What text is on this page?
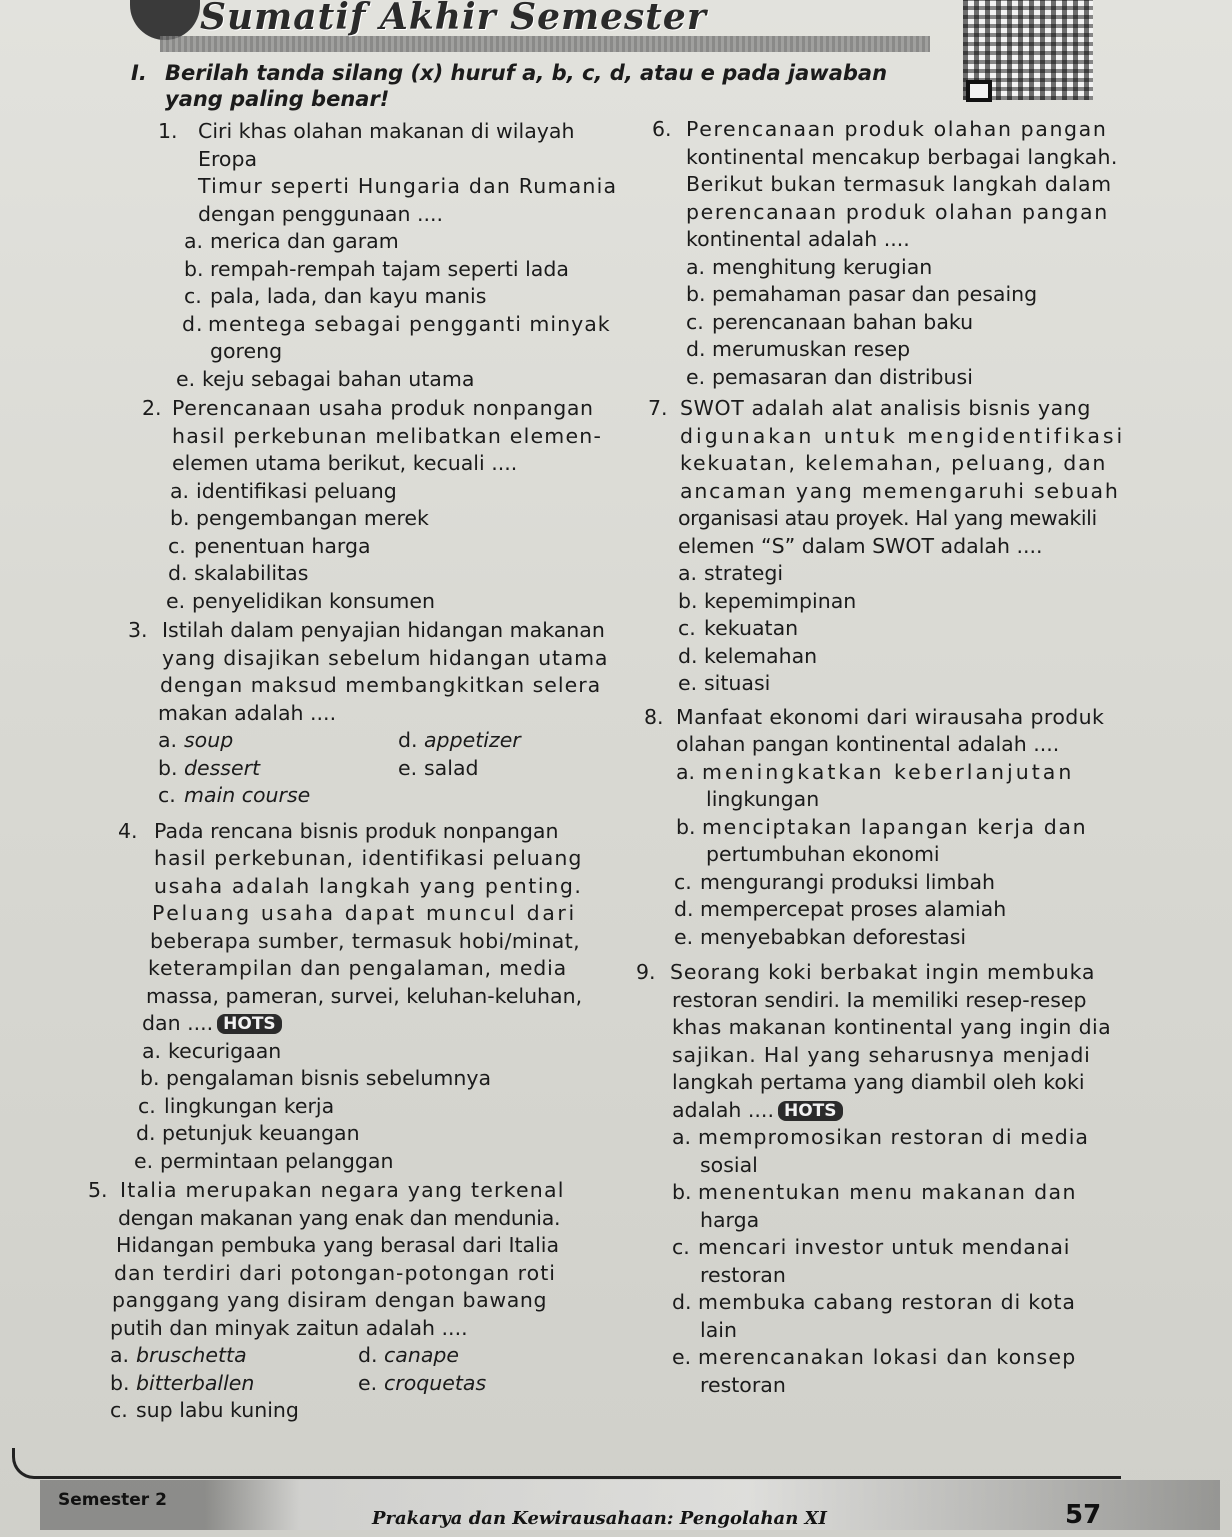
Sumatif Akhir Semester
I. Berilah tanda silang (x) huruf a, b, c, d, atau e pada jawaban yang paling benar!
1. Ciri khas olahan makanan di wilayah Eropa
Timur seperti Hungaria dan Rumania
dengan penggunaan ....
a. merica dan garam
b. rempah-rempah tajam seperti lada
c. pala, lada, dan kayu manis
d. mentega sebagai pengganti minyak
goreng
e. keju sebagai bahan utama
2. Perencanaan usaha produk nonpangan
hasil perkebunan melibatkan elemen-
elemen utama berikut, kecuali ....
a. identifikasi peluang
b. pengembangan merek
c. penentuan harga
d. skalabilitas
e. penyelidikan konsumen
3. Istilah dalam penyajian hidangan makanan
yang disajikan sebelum hidangan utama
dengan maksud membangkitkan selera
makan adalah ....
a. soup	d. appetizer
b. dessert	e. salad
c. main course
4. Pada rencana bisnis produk nonpangan
hasil perkebunan, identifikasi peluang
usaha adalah langkah yang penting.
Peluang usaha dapat muncul dari
beberapa sumber, termasuk hobi/minat,
keterampilan dan pengalaman, media
massa, pameran, survei, keluhan-keluhan,
dan .... HOTS
a. kecurigaan
b. pengalaman bisnis sebelumnya
c. lingkungan kerja
d. petunjuk keuangan
e. permintaan pelanggan
5. Italia merupakan negara yang terkenal
dengan makanan yang enak dan mendunia.
Hidangan pembuka yang berasal dari Italia
dan terdiri dari potongan-potongan roti
panggang yang disiram dengan bawang
putih dan minyak zaitun adalah ....
a. bruschetta	d. canape
b. bitterballen	e. croquetas
c. sup labu kuning
6. Perencanaan produk olahan pangan
kontinental mencakup berbagai langkah.
Berikut bukan termasuk langkah dalam
perencanaan produk olahan pangan
kontinental adalah ....
a. menghitung kerugian
b. pemahaman pasar dan pesaing
c. perencanaan bahan baku
d. merumuskan resep
e. pemasaran dan distribusi
7. SWOT adalah alat analisis bisnis yang
digunakan untuk mengidentifikasi
kekuatan, kelemahan, peluang, dan
ancaman yang memengaruhi sebuah
organisasi atau proyek. Hal yang mewakili
elemen “S” dalam SWOT adalah ....
a. strategi
b. kepemimpinan
c. kekuatan
d. kelemahan
e. situasi
8. Manfaat ekonomi dari wirausaha produk
olahan pangan kontinental adalah ....
a. meningkatkan keberlanjutan
lingkungan
b. menciptakan lapangan kerja dan
pertumbuhan ekonomi
c. mengurangi produksi limbah
d. mempercepat proses alamiah
e. menyebabkan deforestasi
9. Seorang koki berbakat ingin membuka
restoran sendiri. Ia memiliki resep-resep
khas makanan kontinental yang ingin dia
sajikan. Hal yang seharusnya menjadi
langkah pertama yang diambil oleh koki
adalah .... HOTS
a. mempromosikan restoran di media
sosial
b. menentukan menu makanan dan
harga
c. mencari investor untuk mendanai
restoran
d. membuka cabang restoran di kota
lain
e. merencanakan lokasi dan konsep
restoran
Semester 2
Prakarya dan Kewirausahaan: Pengolahan XI	57
